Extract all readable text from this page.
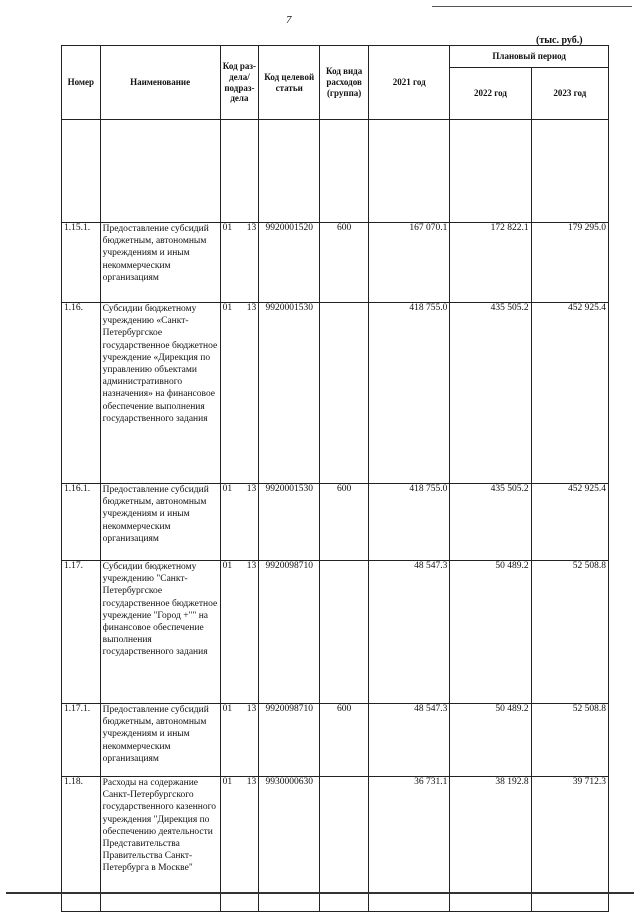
7
(тыс. руб.)
Номер	Наименование	Код раз-дела/ подраз-дела	Код целевой статьи	Код вида расходов (группа)	2021 год	Плановый период	
						2022 год	2023 год

1.15.1.	Предоставление субсидий бюджетным, автономным учреждениям и иным некоммерческим организациям	01 13	9920001520	600	167 070.1	172 822.1	179 295.0
1.16.	Субсидии бюджетному учреждению «Санкт-Петербургское государственное бюджетное учреждение «Дирекция по управлению объектами административного назначения» на финансовое обеспечение выполнения государственного задания	01 13	9920001530		418 755.0	435 505.2	452 925.4
1.16.1.	Предоставление субсидий бюджетным, автономным учреждениям и иным некоммерческим организациям	01 13	9920001530	600	418 755.0	435 505.2	452 925.4
1.17.	Субсидии бюджетному учреждению "Санкт-Петербургское государственное бюджетное учреждение "Город +"" на финансовое обеспечение выполнения государственного задания	01 13	9920098710		48 547.3	50 489.2	52 508.8
1.17.1.	Предоставление субсидий бюджетным, автономным учреждениям и иным некоммерческим организациям	01 13	9920098710	600	48 547.3	50 489.2	52 508.8
1.18.	Расходы на содержание Санкт-Петербургского государственного казенного учреждения "Дирекция по обеспечению деятельности Представительства Правительства Санкт-Петербурга в Москве"	01 13	9930000630		36 731.1	38 192.8	39 712.3
